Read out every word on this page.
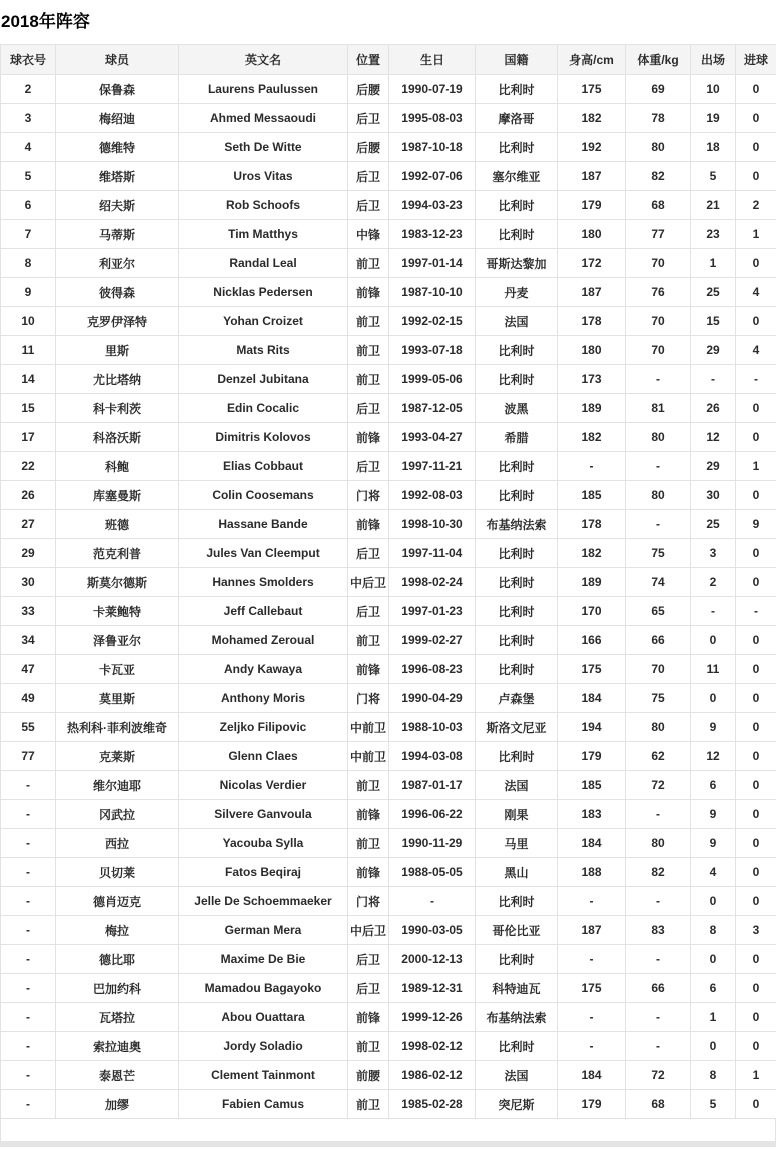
2018年阵容
球衣号	球员	英文名	位置	生日	国籍	身高/cm	体重/kg	出场	进球
2	保鲁森	Laurens Paulussen	后腰	1990-07-19	比利时	175	69	10	0
3	梅绍迪	Ahmed Messaoudi	后卫	1995-08-03	摩洛哥	182	78	19	0
4	德维特	Seth De Witte	后腰	1987-10-18	比利时	192	80	18	0
5	维塔斯	Uros Vitas	后卫	1992-07-06	塞尔维亚	187	82	5	0
6	绍夫斯	Rob Schoofs	后卫	1994-03-23	比利时	179	68	21	2
7	马蒂斯	Tim Matthys	中锋	1983-12-23	比利时	180	77	23	1
8	利亚尔	Randal Leal	前卫	1997-01-14	哥斯达黎加	172	70	1	0
9	彼得森	Nicklas Pedersen	前锋	1987-10-10	丹麦	187	76	25	4
10	克罗伊泽特	Yohan Croizet	前卫	1992-02-15	法国	178	70	15	0
11	里斯	Mats Rits	前卫	1993-07-18	比利时	180	70	29	4
14	尤比塔纳	Denzel Jubitana	前卫	1999-05-06	比利时	173	-	-	-
15	科卡利茨	Edin Cocalic	后卫	1987-12-05	波黑	189	81	26	0
17	科洛沃斯	Dimitris Kolovos	前锋	1993-04-27	希腊	182	80	12	0
22	科鲍	Elias Cobbaut	后卫	1997-11-21	比利时	-	-	29	1
26	库塞曼斯	Colin Coosemans	门将	1992-08-03	比利时	185	80	30	0
27	班德	Hassane Bande	前锋	1998-10-30	布基纳法索	178	-	25	9
29	范克利普	Jules Van Cleemput	后卫	1997-11-04	比利时	182	75	3	0
30	斯莫尔德斯	Hannes Smolders	中后卫	1998-02-24	比利时	189	74	2	0
33	卡莱鲍特	Jeff Callebaut	后卫	1997-01-23	比利时	170	65	-	-
34	泽鲁亚尔	Mohamed Zeroual	前卫	1999-02-27	比利时	166	66	0	0
47	卡瓦亚	Andy Kawaya	前锋	1996-08-23	比利时	175	70	11	0
49	莫里斯	Anthony Moris	门将	1990-04-29	卢森堡	184	75	0	0
55	热利科·菲利波维奇	Zeljko Filipovic	中前卫	1988-10-03	斯洛文尼亚	194	80	9	0
77	克莱斯	Glenn Claes	中前卫	1994-03-08	比利时	179	62	12	0
-	维尔迪耶	Nicolas Verdier	前卫	1987-01-17	法国	185	72	6	0
-	冈武拉	Silvere Ganvoula	前锋	1996-06-22	刚果	183	-	9	0
-	西拉	Yacouba Sylla	前卫	1990-11-29	马里	184	80	9	0
-	贝切莱	Fatos Beqiraj	前锋	1988-05-05	黑山	188	82	4	0
-	德肖迈克	Jelle De Schoemmaeker	门将	-	比利时	-	-	0	0
-	梅拉	German Mera	中后卫	1990-03-05	哥伦比亚	187	83	8	3
-	德比耶	Maxime De Bie	后卫	2000-12-13	比利时	-	-	0	0
-	巴加约科	Mamadou Bagayoko	后卫	1989-12-31	科特迪瓦	175	66	6	0
-	瓦塔拉	Abou Ouattara	前锋	1999-12-26	布基纳法索	-	-	1	0
-	索拉迪奥	Jordy Soladio	前卫	1998-02-12	比利时	-	-	0	0
-	泰恩芒	Clement Tainmont	前腰	1986-02-12	法国	184	72	8	1
-	加缪	Fabien Camus	前卫	1985-02-28	突尼斯	179	68	5	0
